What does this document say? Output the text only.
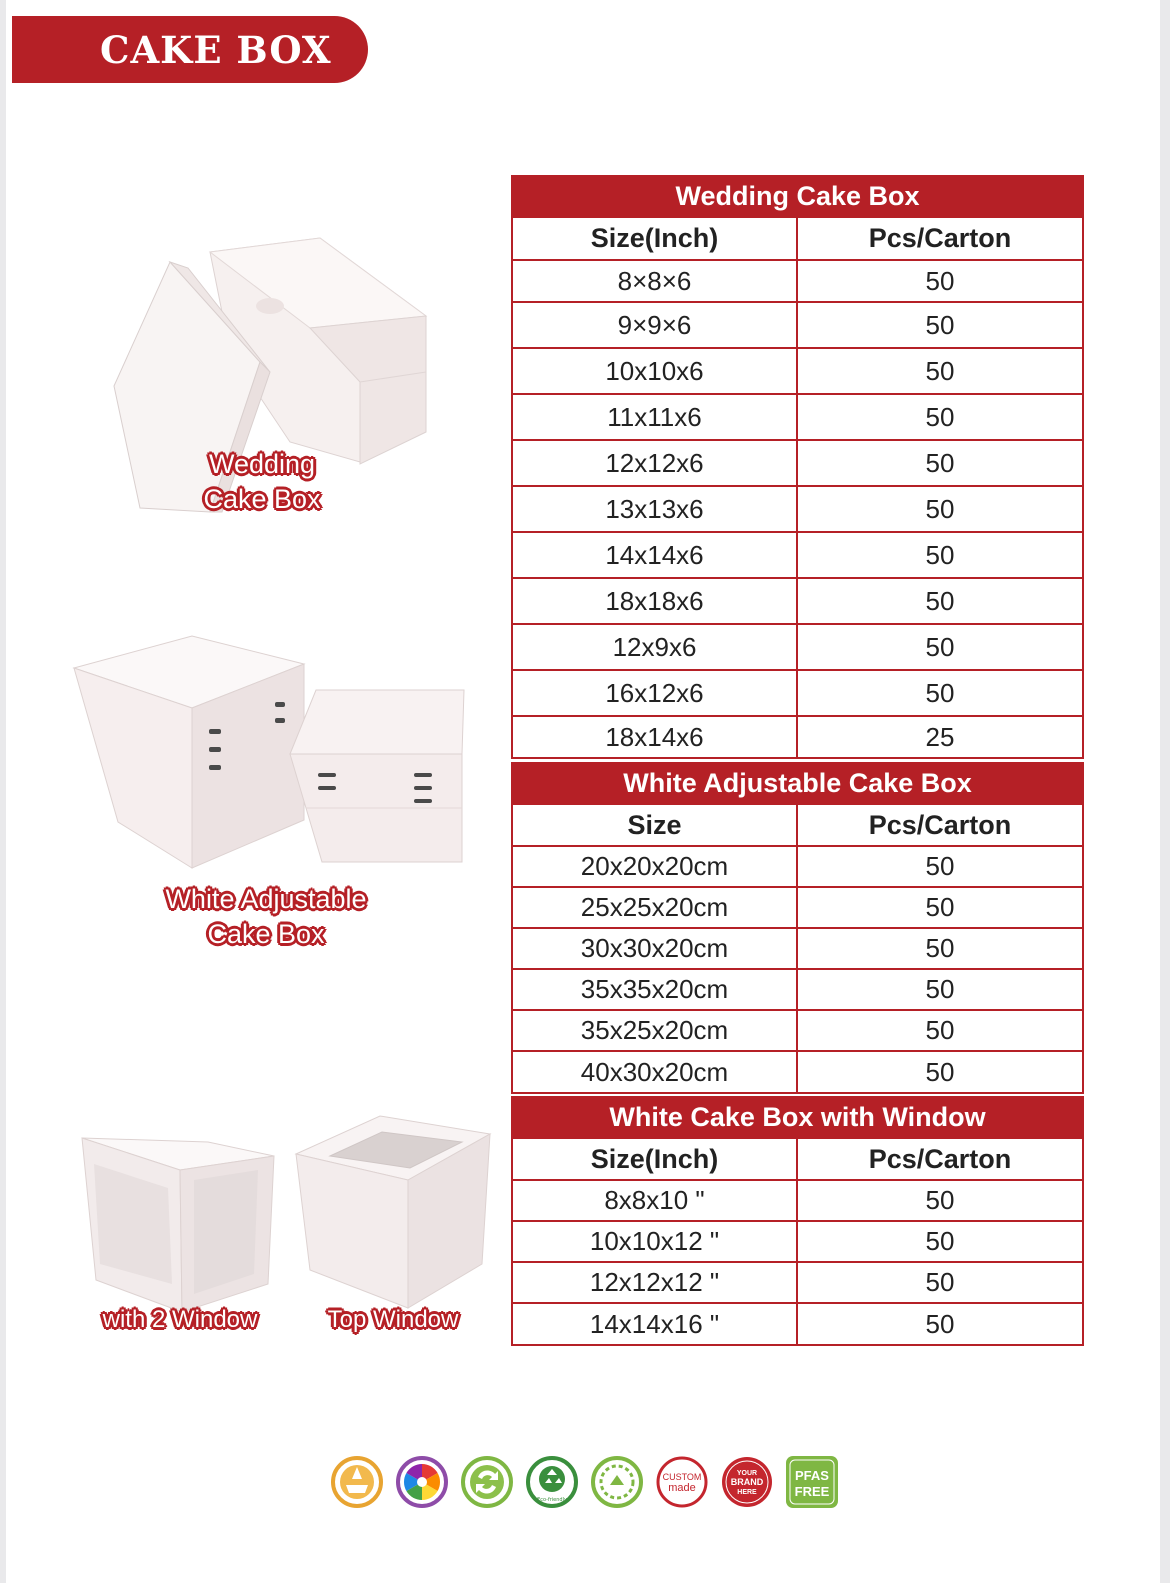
CAKE BOX
Wedding
Cake Box
White Adjustable
Cake Box
with 2 Window	Top Window
Wedding Cake Box
Size(Inch)	Pcs/Carton
8×8×6	50
9×9×6	50
10x10x6	50
11x11x6	50
12x12x6	50
13x13x6	50
14x14x6	50
18x18x6	50
12x9x6	50
16x12x6	50
18x14x6	25
White Adjustable Cake Box
Size	Pcs/Carton
20x20x20cm	50
25x25x20cm	50
30x30x20cm	50
35x35x20cm	50
35x25x20cm	50
40x30x20cm	50
White Cake Box with Window
Size(Inch)	Pcs/Carton
8x8x10 "	50
10x10x12 "	50
12x12x12 "	50
14x14x16 "	50
Eco-friendly
CUSTOM
made
YOUR
BRAND
HERE
PFAS
FREE
